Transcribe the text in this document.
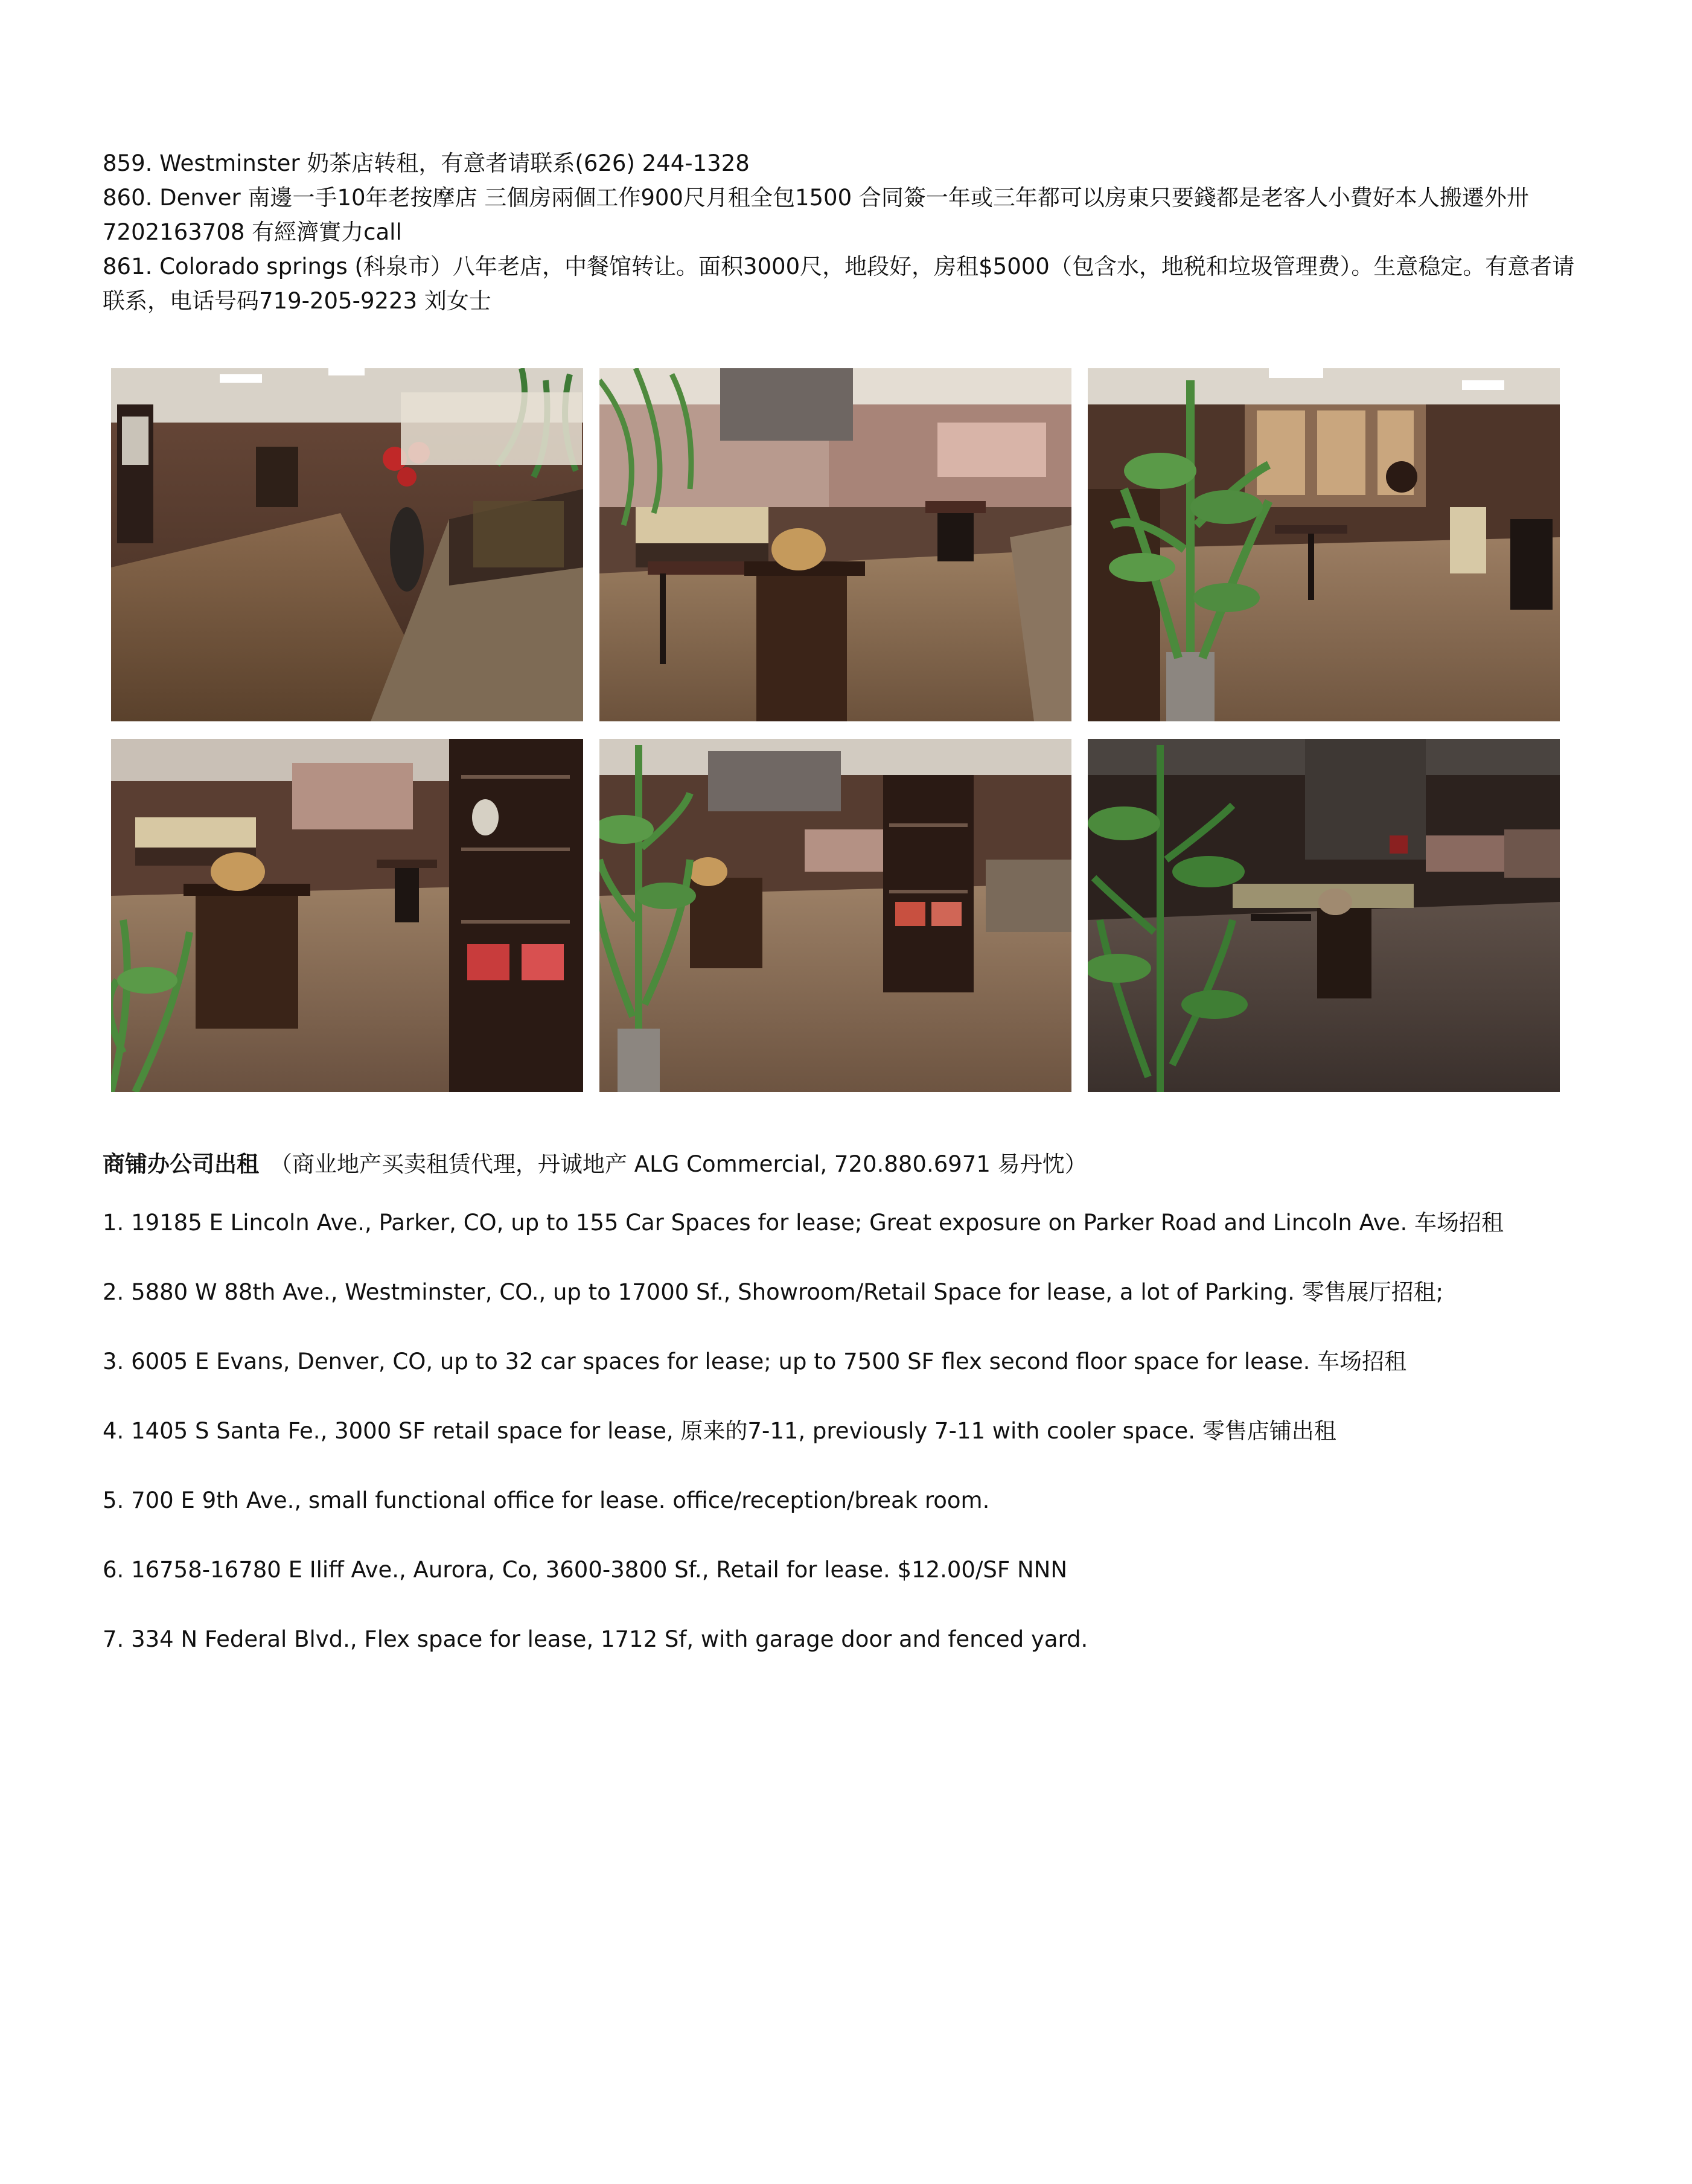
859. Westminster 奶茶店转租，有意者请联系(626) 244-1328

860. Denver 南邊一手10年老按摩店 三個房兩個工作900尺月租全包1500 合同簽一年或三年都可以房東只要錢都是老客人小費好本人搬遷外卅 7202163708 有經濟實力call

861. Colorado springs (科泉市）八年老店，中餐馆转让。面积3000尺，地段好，房租$5000（包含水，地税和垃圾管理费）。生意稳定。有意者请联系，电话号码719-205-9223 刘女士

商铺办公司出租 （商业地产买卖租赁代理，丹诚地产 ALG Commercial, 720.880.6971 易丹忱）

1. 19185 E Lincoln Ave., Parker, CO, up to 155 Car Spaces for lease; Great exposure on Parker Road and Lincoln Ave. 车场招租

2. 5880 W 88th Ave., Westminster, CO., up to 17000 Sf., Showroom/Retail Space for lease, a lot of Parking. 零售展厅招租;

3. 6005 E Evans, Denver, CO, up to 32 car spaces for lease; up to 7500 SF flex second floor space for lease. 车场招租

4. 1405 S Santa Fe., 3000 SF retail space for lease, 原来的7-11, previously 7-11 with cooler space. 零售店铺出租

5. 700 E 9th Ave., small functional office for lease. office/reception/break room.

6. 16758-16780 E Iliff Ave., Aurora, Co, 3600-3800 Sf., Retail for lease. $12.00/SF NNN

7. 334 N Federal Blvd., Flex space for lease, 1712 Sf, with garage door and fenced yard.
